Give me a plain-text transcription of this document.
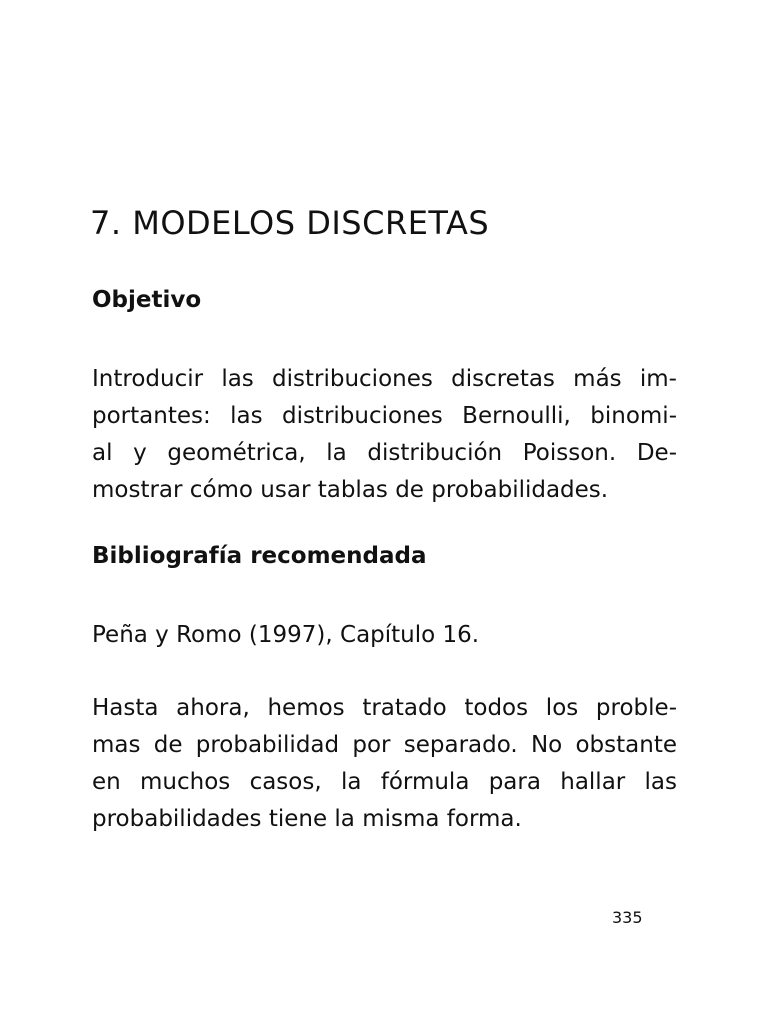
7. MODELOS DISCRETAS
Objetivo

Introducir las distribuciones discretas más im-
portantes: las distribuciones Bernoulli, binomi-
al y geométrica, la distribución Poisson. De-
mostrar cómo usar tablas de probabilidades.

Bibliografía recomendada

Peña y Romo (1997), Capítulo 16.

Hasta ahora, hemos tratado todos los proble-
mas de probabilidad por separado. No obstante
en muchos casos, la fórmula para hallar las
probabilidades tiene la misma forma.

335
